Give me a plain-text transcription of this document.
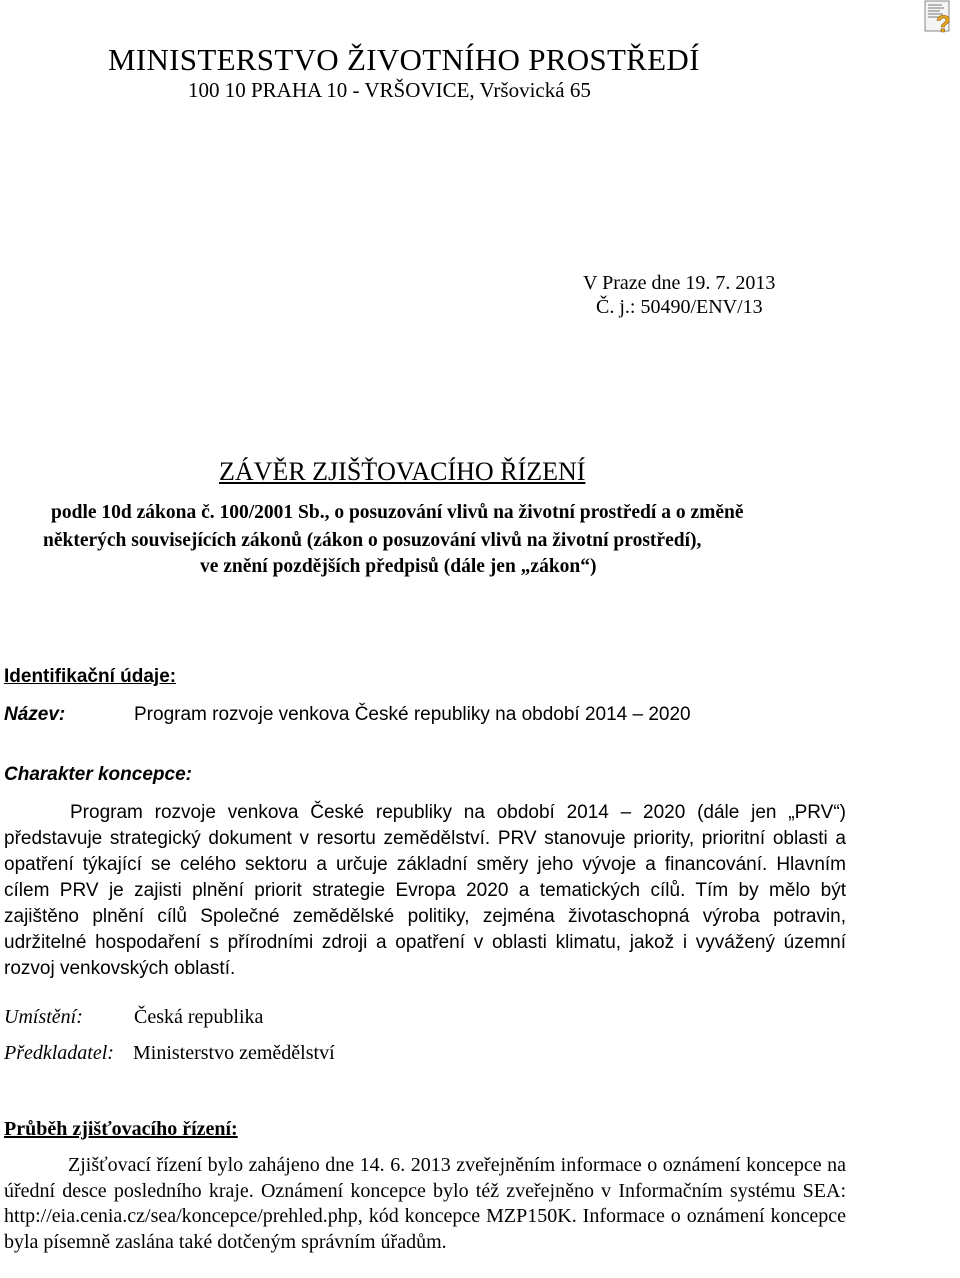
?
MINISTERSTVO ŽIVOTNÍHO PROSTŘEDÍ
100 10 PRAHA 10 - VRŠOVICE, Vršovická 65
V Praze dne 19. 7. 2013
Č. j.: 50490/ENV/13
ZÁVĚR ZJIŠŤOVACÍHO ŘÍZENÍ
podle 10d zákona č. 100/2001 Sb., o posuzování vlivů na životní prostředí a o změně
některých souvisejících zákonů (zákon o posuzování vlivů na životní prostředí),
ve znění pozdějších předpisů (dále jen „zákon“)
Identifikační údaje:
Název:	Program rozvoje venkova České republiky na období 2014 – 2020
Charakter koncepce:
Program rozvoje venkova České republiky na období 2014 – 2020 (dále jen „PRV“) představuje strategický dokument v resortu zemědělství. PRV stanovuje priority, prioritní oblasti a opatření týkající se celého sektoru a určuje základní směry jeho vývoje a financování. Hlavním cílem PRV je zajisti plnění priorit strategie Evropa 2020 a tematických cílů. Tím by mělo být zajištěno plnění cílů Společné zemědělské politiky, zejména životaschopná výroba potravin, udržitelné hospodaření s přírodními zdroji a opatření v oblasti klimatu, jakož i vyvážený územní rozvoj venkovských oblastí.
Umístění:	Česká republika
Předkladatel: Ministerstvo zemědělství
Průběh zjišťovacího řízení:
Zjišťovací řízení bylo zahájeno dne 14. 6. 2013 zveřejněním informace o oznámení koncepce na úřední desce posledního kraje. Oznámení koncepce bylo též zveřejněno v Informačním systému SEA: http://eia.cenia.cz/sea/koncepce/prehled.php, kód koncepce MZP150K. Informace o oznámení koncepce byla písemně zaslána také dotčeným správním úřadům.
